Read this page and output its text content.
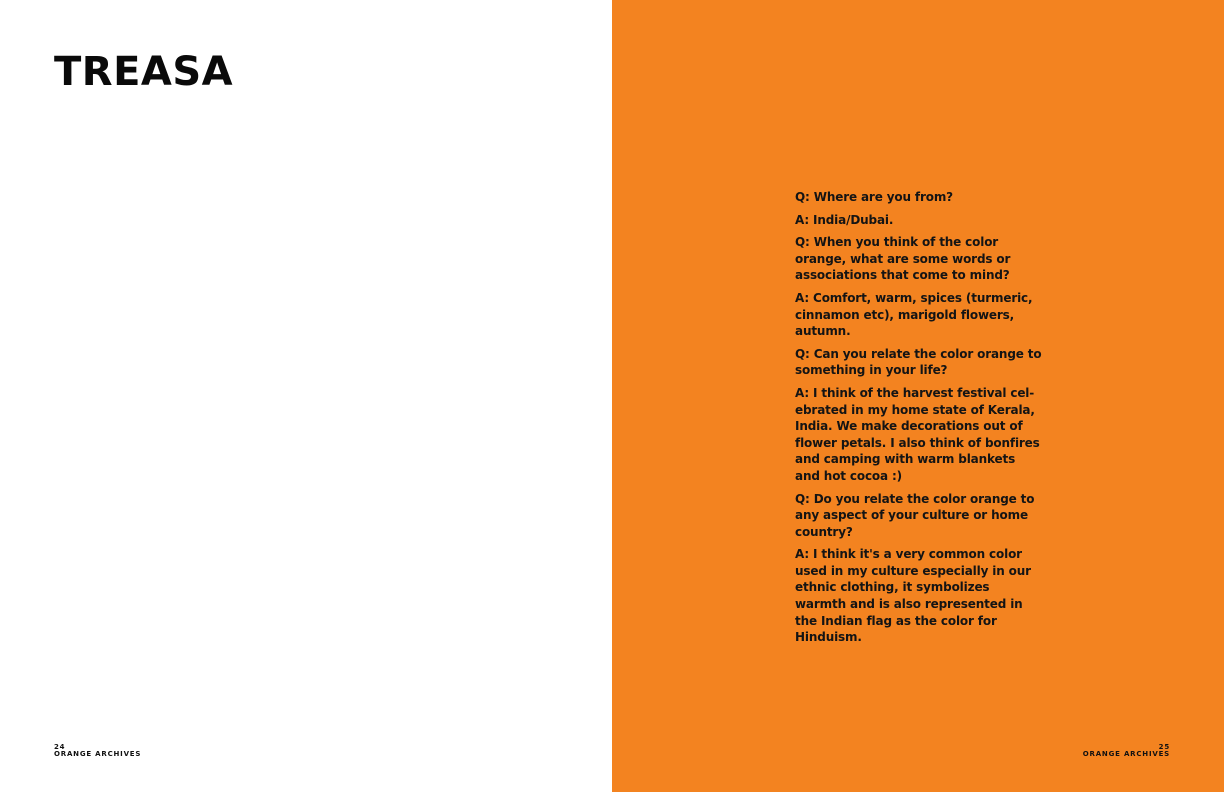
TREASA
24
ORANGE ARCHIVES
Q: Where are you from?
A: India/Dubai.
Q: When you think of the color orange, what are some words or associations that come to mind?
A: Comfort, warm, spices (turmeric, cinnamon etc), marigold flowers, autumn.
Q: Can you relate the color orange to something in your life?
A: I think of the harvest festival cel-ebrated in my home state of Kerala, India. We make decorations out of flower petals. I also think of bonfires and camping with warm blankets and hot cocoa :)
Q: Do you relate the color orange to any aspect of your culture or home country?
A: I think it's a very common color used in my culture especially in our ethnic clothing, it symbolizes warmth and is also represented in the Indian flag as the color for Hinduism.
25
ORANGE ARCHIVES
